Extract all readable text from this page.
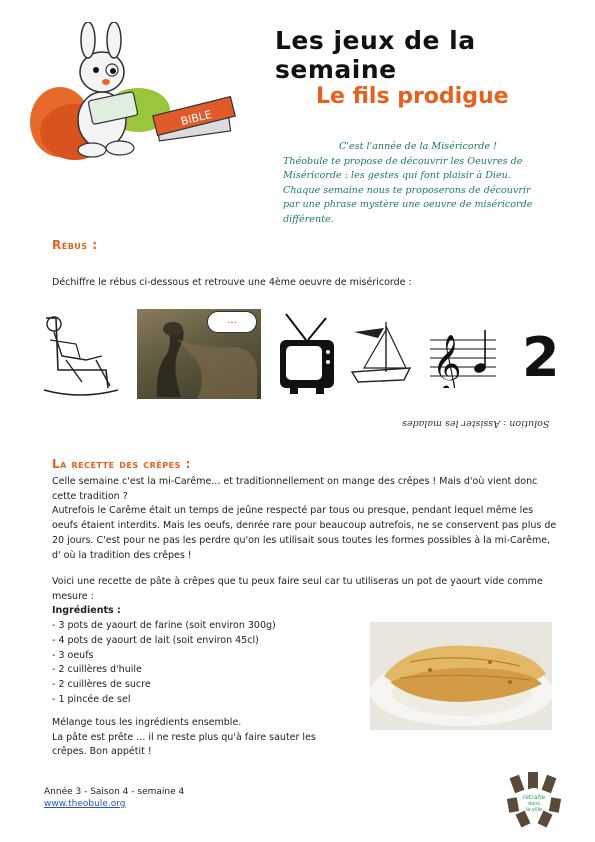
BIBLE
Les jeux de la semaine
Le fils prodigue
C'est l'année de la Miséricorde !
Théobule te propose de découvrir les Oeuvres de
Miséricorde : les gestes qui font plaisir à Dieu.
Chaque semaine nous te proposerons de découvrir
par une phrase mystère une oeuvre de miséricorde
différente.
Rébus :
Déchiffre le rébus ci-dessous et retrouve une 4ème oeuvre de miséricorde :
...
𝄞 2
Solution : Assister les malades
La recette des crêpes :
Celle semaine c'est la mi-Carême... et traditionnellement on mange des crêpes ! Mais d'où vient donc
cette tradition ?
Autrefois le Carême était un temps de jeûne respecté par tous ou presque, pendant lequel même les
oeufs étaient interdits. Mais les oeufs, denrée rare pour beaucoup autrefois, ne se conservent pas plus de
20 jours. C'est pour ne pas les perdre qu'on les utilisait sous toutes les formes possibles à la mi-Carême,
d' où la tradition des crêpes !
Voici une recette de pâte à crêpes que tu peux faire seul car tu utiliseras un pot de yaourt vide comme
mesure :
Ingrédients :
- 3 pots de yaourt de farine (soit environ 300g)
- 4 pots de yaourt de lait (soit environ 45cl)
- 3 oeufs
- 2 cuillères d'huile
- 2 cuillères de sucre
- 1 pincée de sel
Mélange tous les ingrédients ensemble.
La pâte est prête ... il ne reste plus qu'à faire sauter les
crêpes. Bon appétit !
Année 3 - Saison 4 - semaine 4
www.theobule.org
retraite
dans
la ville
